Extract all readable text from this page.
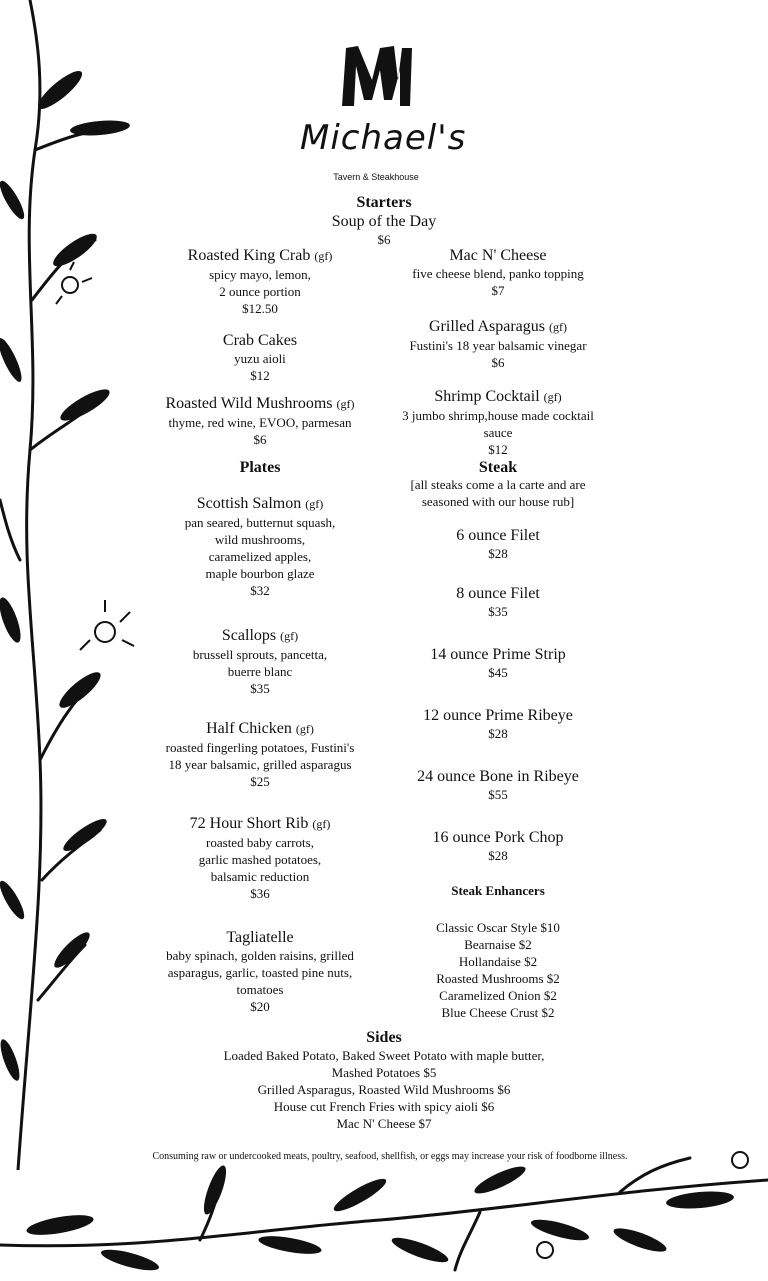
M
Michael's
Tavern & Steakhouse
Starters
Soup of the Day
$6
Roasted King Crab (gf)
spicy mayo, lemon,
2 ounce portion
$12.50
Crab Cakes
yuzu aioli
$12
Roasted Wild Mushrooms (gf)
thyme, red wine, EVOO, parmesan
$6
Mac N' Cheese
five cheese blend, panko topping
$7
Grilled Asparagus (gf)
Fustini's 18 year balsamic vinegar
$6
Shrimp Cocktail (gf)
3 jumbo shrimp,house made cocktail
sauce
$12
Plates
Scottish Salmon (gf)
pan seared, butternut squash,
wild mushrooms,
caramelized apples,
maple bourbon glaze
$32
Scallops (gf)
brussell sprouts, pancetta,
buerre blanc
$35
Half Chicken (gf)
roasted fingerling potatoes, Fustini's
18 year balsamic, grilled asparagus
$25
72 Hour Short Rib (gf)
roasted baby carrots,
garlic mashed potatoes,
balsamic reduction
$36
Tagliatelle
baby spinach, golden raisins, grilled
asparagus, garlic, toasted pine nuts,
tomatoes
$20
Steak
[all steaks come a la carte and are
seasoned with our house rub]
6 ounce Filet
$28
8 ounce Filet
$35
14 ounce Prime Strip
$45
12 ounce Prime Ribeye
$28
24 ounce Bone in Ribeye
$55
16 ounce Pork Chop
$28
Steak Enhancers
Classic Oscar Style $10
Bearnaise $2
Hollandaise $2
Roasted Mushrooms $2
Caramelized Onion $2
Blue Cheese Crust $2
Sides
Loaded Baked Potato, Baked Sweet Potato with maple butter,
Mashed Potatoes $5
Grilled Asparagus, Roasted Wild Mushrooms $6
House cut French Fries with spicy aioli $6
Mac N' Cheese $7
Consuming raw or undercooked meats, poultry, seafood, shellfish, or eggs may increase your risk of foodborne illness.
